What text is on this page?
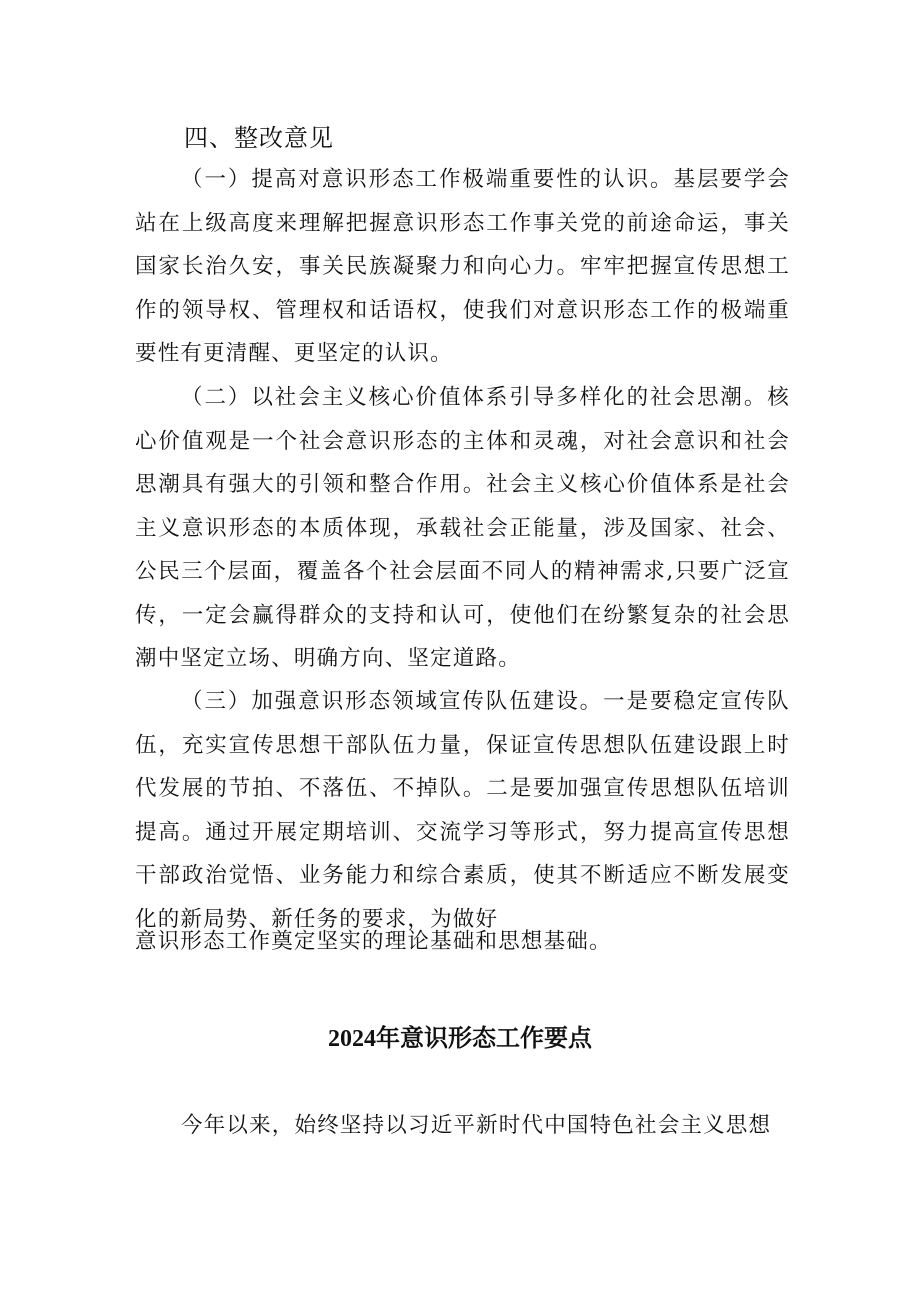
四、整改意见

（一）提高对意识形态工作极端重要性的认识。基层要学会站在上级高度来理解把握意识形态工作事关党的前途命运，事关国家长治久安，事关民族凝聚力和向心力。牢牢把握宣传思想工作的领导权、管理权和话语权，使我们对意识形态工作的极端重要性有更清醒、更坚定的认识。

（二）以社会主义核心价值体系引导多样化的社会思潮。核心价值观是一个社会意识形态的主体和灵魂，对社会意识和社会思潮具有强大的引领和整合作用。社会主义核心价值体系是社会主义意识形态的本质体现，承载社会正能量，涉及国家、社会、公民三个层面，覆盖各个社会层面不同人的精神需求,只要广泛宣传，一定会赢得群众的支持和认可，使他们在纷繁复杂的社会思潮中坚定立场、明确方向、坚定道路。

（三）加强意识形态领域宣传队伍建设。一是要稳定宣传队伍，充实宣传思想干部队伍力量，保证宣传思想队伍建设跟上时代发展的节拍、不落伍、不掉队。二是要加强宣传思想队伍培训提高。通过开展定期培训、交流学习等形式，努力提高宣传思想干部政治觉悟、业务能力和综合素质，使其不断适应不断发展变化的新局势、新任务的要求，为做好

意识形态工作奠定坚实的理论基础和思想基础。

2024年意识形态工作要点

今年以来，始终坚持以习近平新时代中国特色社会主义思想
